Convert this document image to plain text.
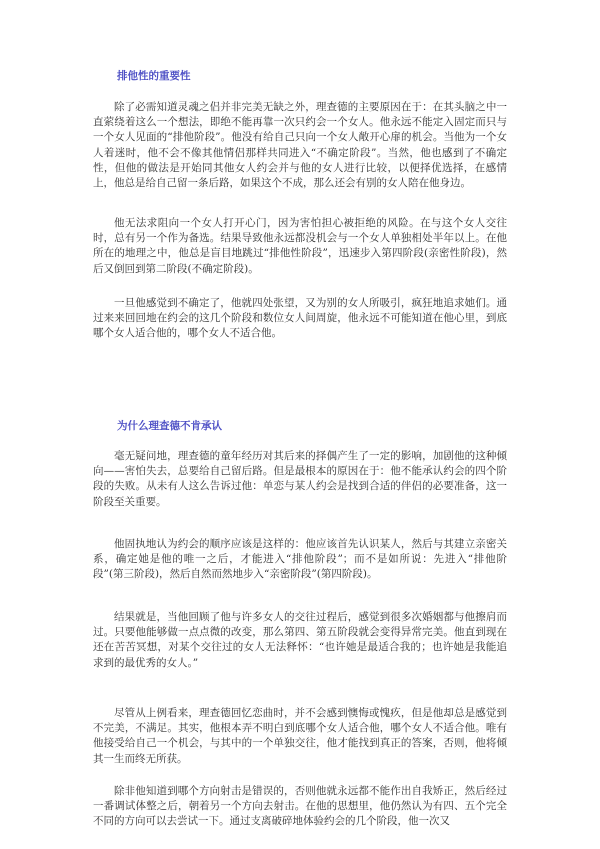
排他性的重要性

除了必需知道灵魂之侣并非完美无缺之外，理查德的主要原因在于：在其头脑之中一直萦绕着这么一个想法，即绝不能再靠一次只约会一个女人。他永远不能定入固定而只与一个女人见面的“排他阶段”。他没有给自己只向一个女人敞开心扉的机会。当他为一个女人着迷时，他不会不像其他情侣那样共同进入“不确定阶段”。当然，他也感到了不确定性，但他的做法是开始同其他女人约会并与他的女人进行比较，以便择优选择，在感情上，他总是给自己留一条后路，如果这个不成，那么还会有别的女人陪在他身边。

他无法求阻向一个女人打开心门，因为害怕担心被拒绝的风险。在与这个女人交往时，总有另一个作为备选。结果导致他永远都没机会与一个女人单独相处半年以上。在他所在的地理之中，他总是盲目地跳过“排他性阶段”，迅速步入第四阶段(亲密性阶段)，然后又倒回到第二阶段(不确定阶段)。

一旦他感觉到不确定了，他就四处张望，又为别的女人所吸引，疯狂地追求她们。通过来来回回地在约会的这几个阶段和数位女人间周旋，他永远不可能知道在他心里，到底哪个女人适合他的，哪个女人不适合他。

为什么理查德不肯承认

毫无疑问地，理查德的童年经历对其后来的择偶产生了一定的影响，加剧他的这种倾向——害怕失去，总要给自己留后路。但是最根本的原因在于：他不能承认约会的四个阶段的失败。从未有人这么告诉过他：单恋与某人约会是找到合适的伴侣的必要准备，这一阶段至关重要。

他固执地认为约会的顺序应该是这样的：他应该首先认识某人，然后与其建立亲密关系，确定她是他的唯一之后，才能进入“排他阶段”；而不是如所说：先进入“排他阶段”(第三阶段)，然后自然而然地步入“亲密阶段”(第四阶段)。

结果就是，当他回顾了他与许多女人的交往过程后，感觉到很多次婚姻都与他擦肩而过。只要他能够做一点点微的改变，那么第四、第五阶段就会变得异常完美。他直到现在还在苦苦冥想，对某个交往过的女人无法释怀：“也许她是最适合我的；也许她是我能追求到的最优秀的女人。”

尽管从上例看来，理查德回忆恋曲时，并不会感到懊悔或愧疚，但是他却总是感觉到不完美，不满足。其实，他根本弄不明白到底哪个女人适合他，哪个女人不适合他。唯有他接受给自己一个机会，与其中的一个单独交往，他才能找到真正的答案，否则，他将倾其一生而终无所获。

除非他知道到哪个方向射击是错误的，否则他就永远都不能作出自我矫正，然后经过一番调试体整之后，朝着另一个方向去射击。在他的思想里，他仍然认为有四、五个完全不同的方向可以去尝试一下。通过支离破碎地体验约会的几个阶段，他一次又
